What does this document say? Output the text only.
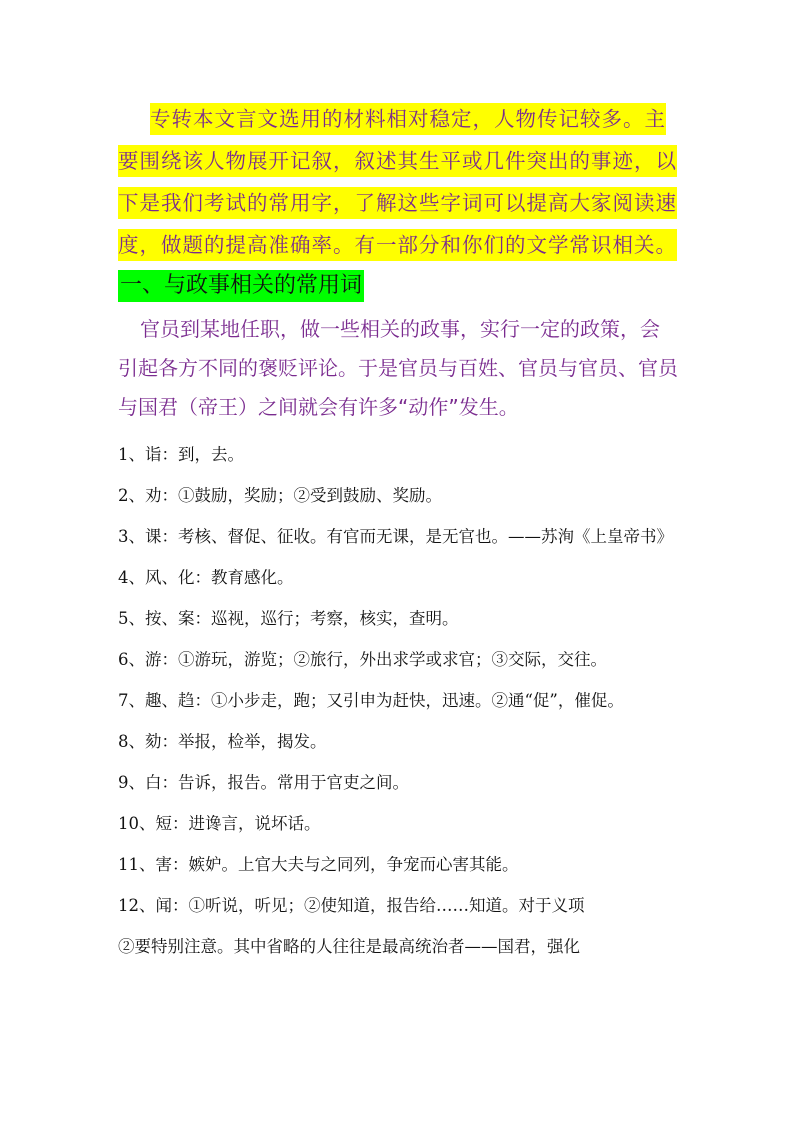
专转本文言文选用的材料相对稳定，人物传记较多。主要围绕该人物展开记叙，叙述其生平或几件突出的事迹，以下是我们考试的常用字，了解这些字词可以提高大家阅读速度，做题的提高准确率。有一部分和你们的文学常识相关。
一、与政事相关的常用词
官员到某地任职，做一些相关的政事，实行一定的政策，会引起各方不同的褒贬评论。于是官员与百姓、官员与官员、官员与国君（帝王）之间就会有许多“动作”发生。
1、诣：到，去。
2、劝：①鼓励，奖励；②受到鼓励、奖励。
3、课：考核、督促、征收。有官而无课，是无官也。——苏洵《上皇帝书》
4、风、化：教育感化。
5、按、案：巡视，巡行；考察，核实，查明。
6、游：①游玩，游览；②旅行，外出求学或求官；③交际，交往。
7、趣、趋：①小步走，跑；又引申为赶快，迅速。②通“促”，催促。
8、劾：举报，检举，揭发。
9、白：告诉，报告。常用于官吏之间。
10、短：进谗言，说坏话。
11、害：嫉妒。上官大夫与之同列，争宠而心害其能。
12、闻：①听说，听见；②使知道，报告给……知道。对于义项
②要特别注意。其中省略的人往往是最高统治者——国君，强化
